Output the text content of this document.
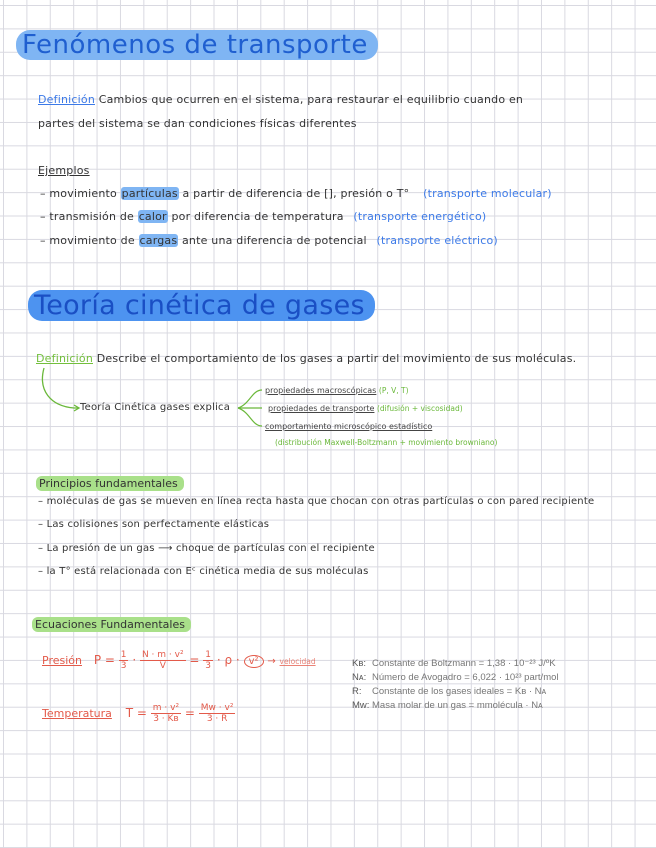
Fenómenos de transporte
Definición Cambios que ocurren en el sistema, para restaurar el equilibrio cuando en
partes del sistema se dan condiciones físicas diferentes
Ejemplos
– movimiento partículas a partir de diferencia de [], presión o T° (transporte molecular)
– transmisión de calor por diferencia de temperatura (transporte energético)
– movimiento de cargas ante una diferencia de potencial (transporte eléctrico)
Teoría cinética de gases
Definición Describe el comportamiento de los gases a partir del movimiento de sus moléculas.
Teoría Cinética gases explica
propiedades macroscópicas (P, V, T)
propiedades de transporte (difusión + viscosidad)
comportamiento microscópico estadístico
(distribución Maxwell-Boltzmann + movimiento browniano)
Principios fundamentales
– moléculas de gas se mueven en línea recta hasta que chocan con otras partículas o con pared recipiente
– Las colisiones son perfectamente elásticas
– La presión de un gas ⟶ choque de partículas con el recipiente
– la T° está relacionada con Eᶜ cinética media de sus moléculas
Ecuaciones Fundamentales
Presión $P = \frac{1}{3} \cdot \frac{\text{N · m · v²}}{V} = \frac{1}{3} \cdot \rho \cdot v^2$ → velocidad
Temperatura $T = \frac{\text{m · v²}}{\text{3 · Kʙ}} = \frac{\text{Mᴡ · v²}}{3 \cdot R}$
Kʙ: Constante de Boltzmann = 1,38 · 10⁻²³ J/ºK
Nᴀ: Número de Avogadro = 6,022 · 10²³ part/mol
R: Constante de los gases ideales = Kʙ · Nᴀ
Mᴡ: Masa molar de un gas = mmolécula · Nᴀ
